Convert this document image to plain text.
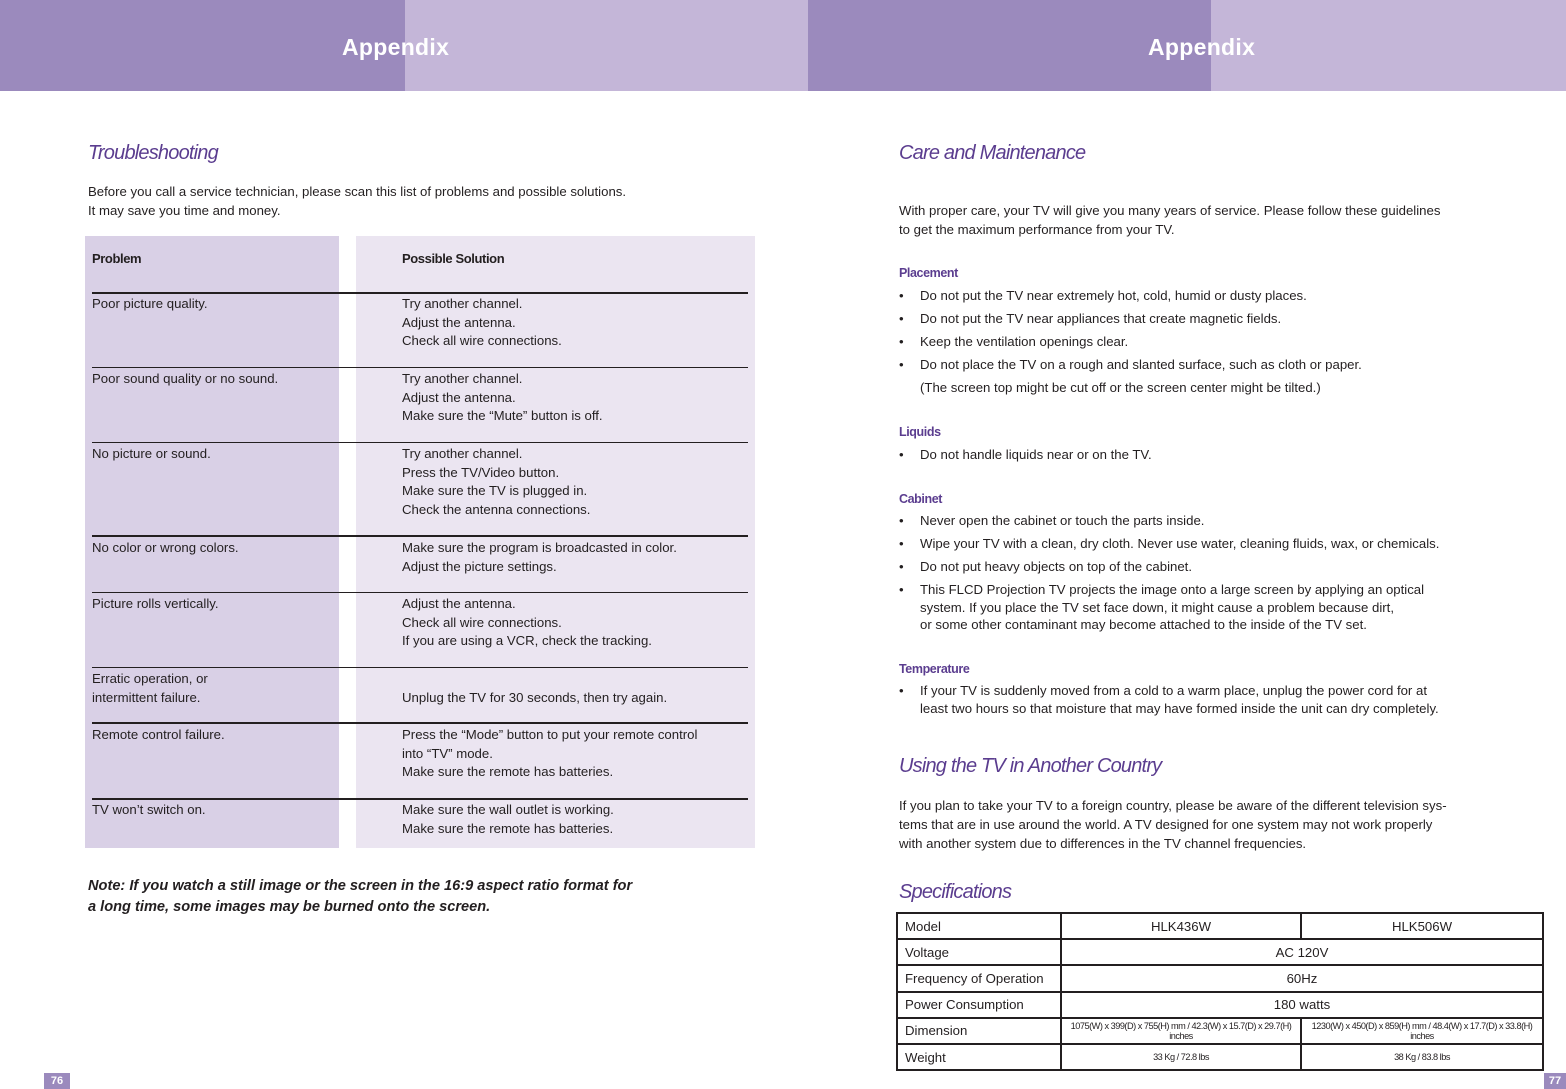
Appendix	Appendix
Troubleshooting
Before you call a service technician, please scan this list of problems and possible solutions.
It may save you time and money.
Problem	Possible Solution
Poor picture quality.	Try another channel.
Adjust the antenna.
Check all wire connections.
Poor sound quality or no sound.	Try another channel.
Adjust the antenna.
Make sure the “Mute” button is off.
No picture or sound.	Try another channel.
Press the TV/Video button.
Make sure the TV is plugged in.
Check the antenna connections.
No color or wrong colors.	Make sure the program is broadcasted in color.
Adjust the picture settings.
Picture rolls vertically.	Adjust the antenna.
Check all wire connections.
If you are using a VCR, check the tracking.
Erratic operation, or
intermittent failure.	Unplug the TV for 30 seconds, then try again.
Remote control failure.	Press the “Mode” button to put your remote control
into “TV” mode.
Make sure the remote has batteries.
TV won’t switch on.	Make sure the wall outlet is working.
Make sure the remote has batteries.
Note: If you watch a still image or the screen in the 16:9 aspect ratio format for
a long time, some images may be burned onto the screen.
76
Care and Maintenance
With proper care, your TV will give you many years of service. Please follow these guidelines
to get the maximum performance from your TV.
Placement
• Do not put the TV near extremely hot, cold, humid or dusty places.
• Do not put the TV near appliances that create magnetic fields.
• Keep the ventilation openings clear.
• Do not place the TV on a rough and slanted surface, such as cloth or paper.
(The screen top might be cut off or the screen center might be tilted.)
Liquids
• Do not handle liquids near or on the TV.
Cabinet
• Never open the cabinet or touch the parts inside.
• Wipe your TV with a clean, dry cloth. Never use water, cleaning fluids, wax, or chemicals.
• Do not put heavy objects on top of the cabinet.
• This FLCD Projection TV projects the image onto a large screen by applying an optical
system. If you place the TV set face down, it might cause a problem because dirt,
or some other contaminant may become attached to the inside of the TV set.
Temperature
• If your TV is suddenly moved from a cold to a warm place, unplug the power cord for at
least two hours so that moisture that may have formed inside the unit can dry completely.
Using the TV in Another Country
If you plan to take your TV to a foreign country, please be aware of the different television sys-
tems that are in use around the world. A TV designed for one system may not work properly
with another system due to differences in the TV channel frequencies.
Specifications
Model	HLK436W	HLK506W
Voltage	AC 120V	
Frequency of Operation	60Hz	
Power Consumption	180 watts	
Dimension	1075(W) x 399(D) x 755(H) mm / 42.3(W) x 15.7(D) x 29.7(H) inches	1230(W) x 450(D) x 859(H) mm / 48.4(W) x 17.7(D) x 33.8(H) inches
Weight	33 Kg / 72.8 lbs	38 Kg / 83.8 lbs
77
